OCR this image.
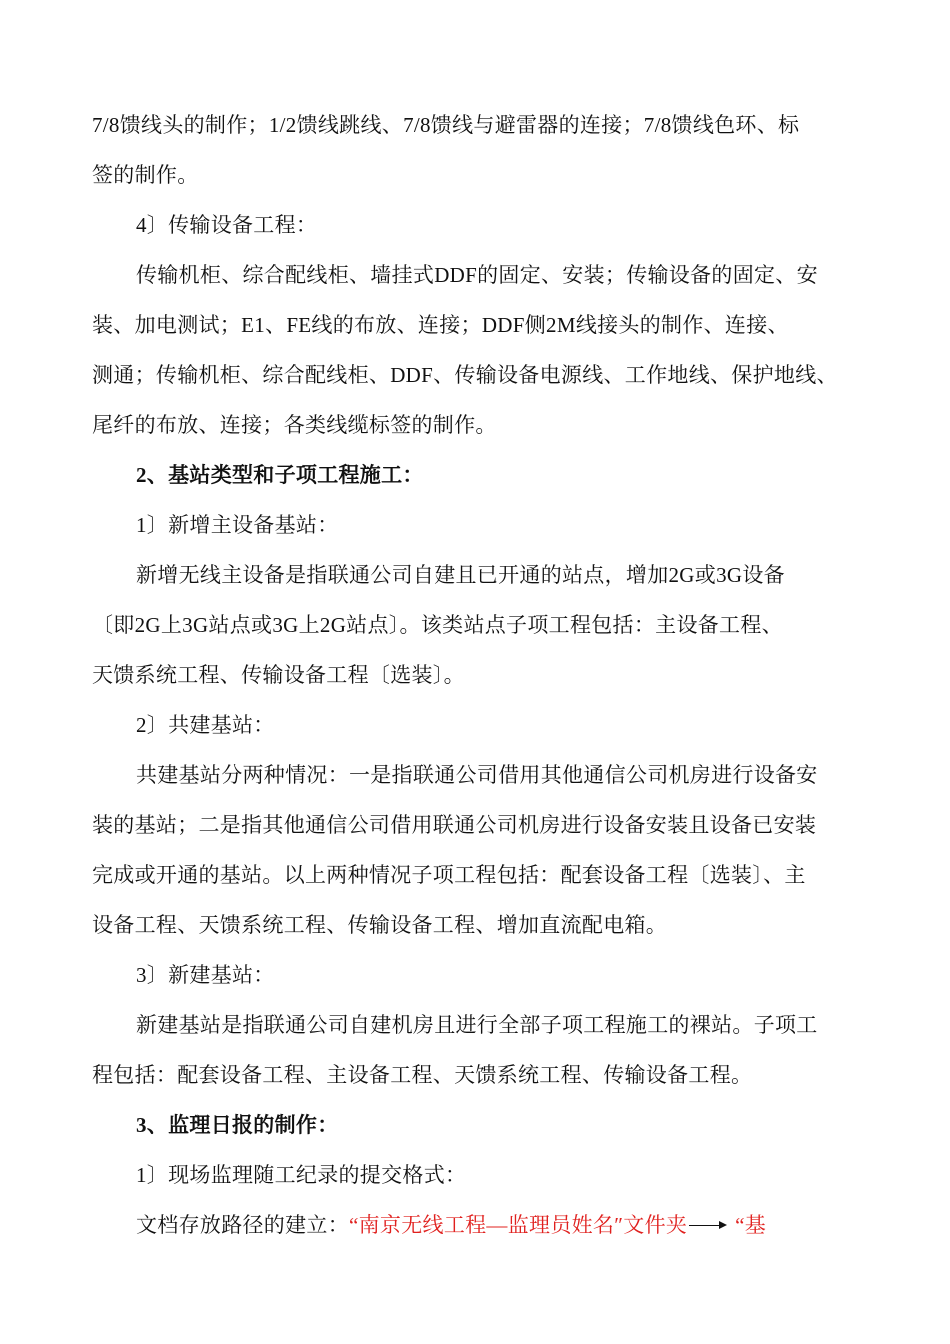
7/8馈线头的制作；1/2馈线跳线、7/8馈线与避雷器的连接；7/8馈线色环、标
签的制作。
4〕传输设备工程：
传输机柜、综合配线柜、墙挂式DDF的固定、安装；传输设备的固定、安
装、加电测试；E1、FE线的布放、连接；DDF侧2M线接头的制作、连接、
测通；传输机柜、综合配线柜、DDF、传输设备电源线、工作地线、保护地线、
尾纤的布放、连接；各类线缆标签的制作。
2、基站类型和子项工程施工：
1〕新增主设备基站：
新增无线主设备是指联通公司自建且已开通的站点，增加2G或3G设备
〔即2G上3G站点或3G上2G站点〕。该类站点子项工程包括：主设备工程、
天馈系统工程、传输设备工程〔选装〕。
2〕共建基站：
共建基站分两种情况：一是指联通公司借用其他通信公司机房进行设备安
装的基站；二是指其他通信公司借用联通公司机房进行设备安装且设备已安装
完成或开通的基站。以上两种情况子项工程包括：配套设备工程〔选装〕、主
设备工程、天馈系统工程、传输设备工程、增加直流配电箱。
3〕新建基站：
新建基站是指联通公司自建机房且进行全部子项工程施工的裸站。子项工
程包括：配套设备工程、主设备工程、天馈系统工程、传输设备工程。
3、监理日报的制作：
1〕现场监理随工纪录的提交格式：
文档存放路径的建立：“南京无线工程—监理员姓名″文件夹 “基
